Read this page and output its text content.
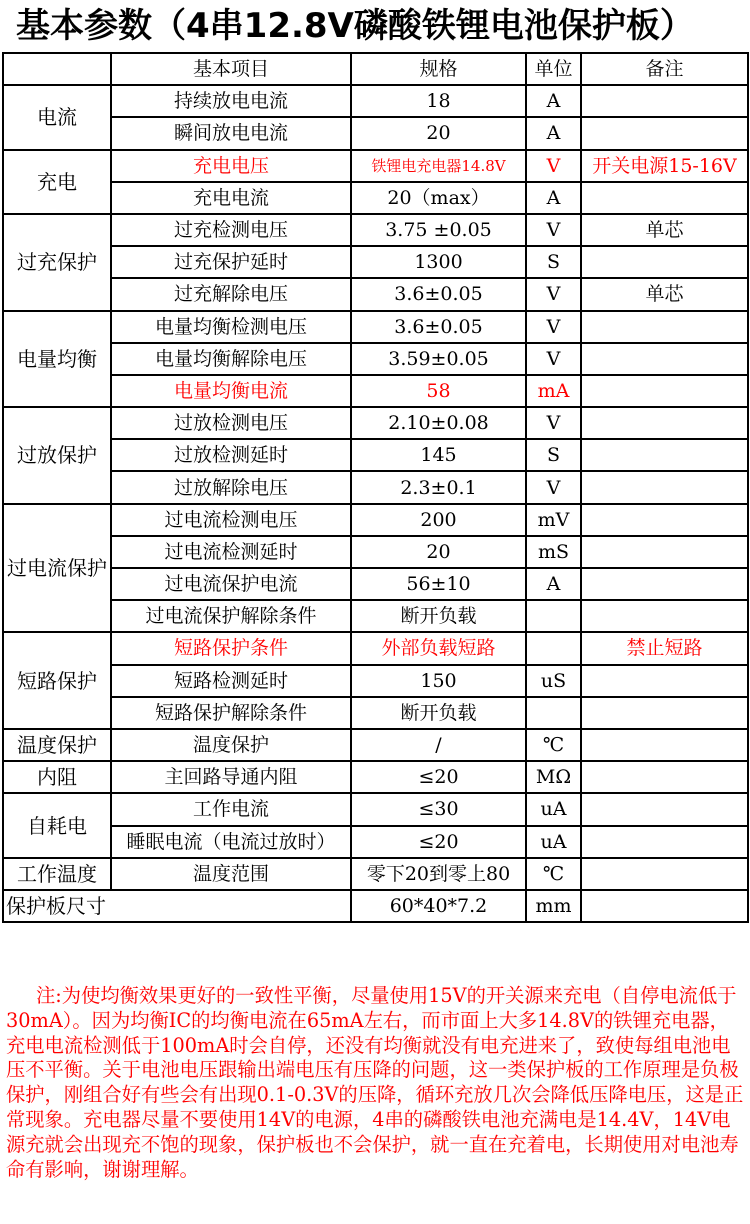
基本参数（4串12.8V磷酸铁锂电池保护板）
	基本项目	规格	单位	备注
电流	持续放电电流	18	A	
	瞬间放电电流	20	A	
充电	充电电压	铁锂电充电器14.8V	V	开关电源15-16V
	充电电流	20（max）	A	
过充保护	过充检测电压	3.75 ±0.05	V	单芯
	过充保护延时	1300	S	
	过充解除电压	3.6±0.05	V	单芯
电量均衡	电量均衡检测电压	3.6±0.05	V	
	电量均衡解除电压	3.59±0.05	V	
	电量均衡电流	58	mA	
过放保护	过放检测电压	2.10±0.08	V	
	过放检测延时	145	S	
	过放解除电压	2.3±0.1	V	
过电流保护	过电流检测电压	200	mV	
	过电流检测延时	20	mS	
	过电流保护电流	56±10	A	
	过电流保护解除条件	断开负载		
短路保护	短路保护条件	外部负载短路		禁止短路
	短路检测延时	150	uS	
	短路保护解除条件	断开负载		
温度保护	温度保护	/	℃	
内阻	主回路导通内阻	≤20	MΩ	
自耗电	工作电流	≤30	uA	
	睡眠电流（电流过放时）	≤20	uA	
工作温度	温度范围	零下20到零上80	℃	
保护板尺寸		60*40*7.2	mm	
注:为使均衡效果更好的一致性平衡，尽量使用15V的开关源来充电（自停电流低于30mA）。因为均衡IC的均衡电流在65mA左右，而市面上大多14.8V的铁锂充电器，充电电流检测低于100mA时会自停，还没有均衡就没有电充进来了，致使每组电池电压不平衡。关于电池电压跟输出端电压有压降的问题，这一类保护板的工作原理是负极保护，刚组合好有些会有出现0.1-0.3V的压降，循环充放几次会降低压降电压，这是正常现象。充电器尽量不要使用14V的电源，4串的磷酸铁电池充满电是14.4V，14V电源充就会出现充不饱的现象，保护板也不会保护，就一直在充着电，长期使用对电池寿命有影响，谢谢理解。
